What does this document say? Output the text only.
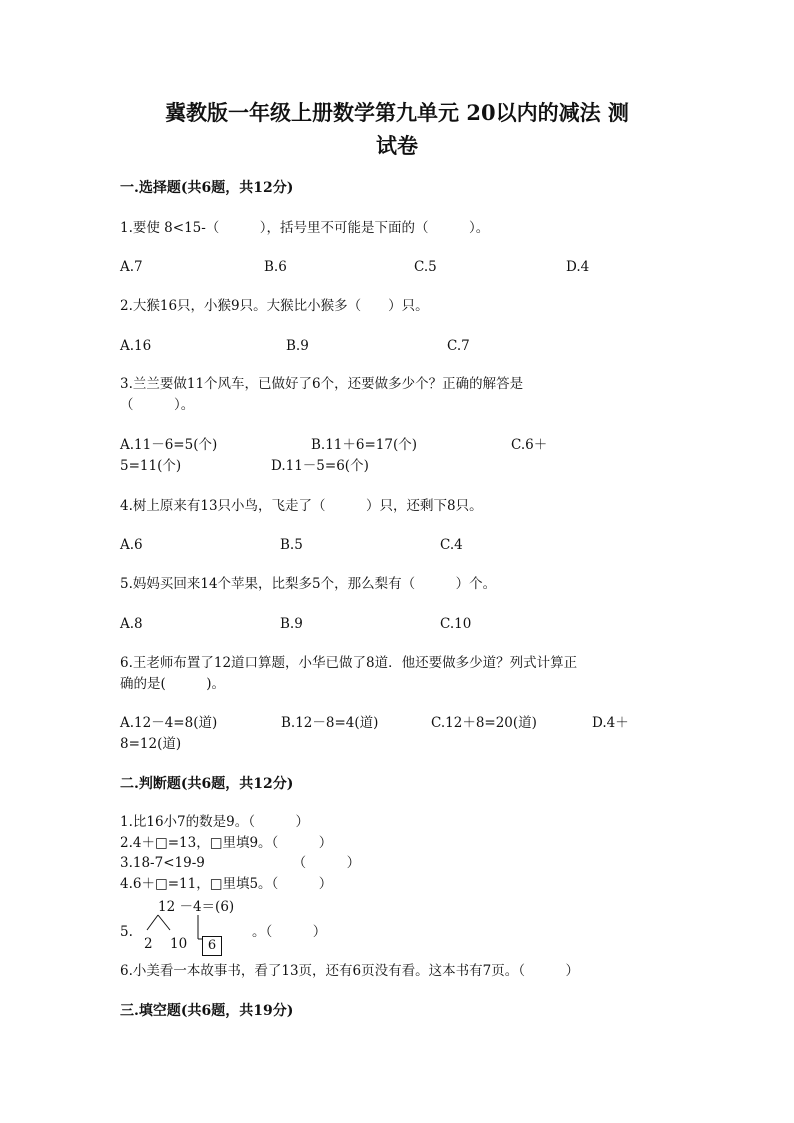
冀教版一年级上册数学第九单元 20以内的减法 测
试卷
一.选择题(共6题，共12分)
1.要使 8<15-（　　　），括号里不可能是下面的（　　　）。
A.7	B.6	C.5	D.4
2.大猴16只，小猴9只。大猴比小猴多（　　）只。
A.16	B.9	C.7
3.兰兰要做11个风车，已做好了6个，还要做多少个？正确的解答是
（　　　）。
A.11－6=5(个)	B.11＋6=17(个)	C.6＋
5=11(个)	D.11－5=6(个)
4.树上原来有13只小鸟，飞走了（　　　）只，还剩下8只。
A.6	B.5	C.4
5.妈妈买回来14个苹果，比梨多5个，那么梨有（　　　）个。
A.8	B.9	C.10
6.王老师布置了12道口算题，小华已做了8道．他还要做多少道？列式计算正
确的是(　　　)。
A.12－4=8(道)	B.12－8=4(道)	C.12＋8=20(道)	D.4＋
8=12(道)
二.判断题(共6题，共12分)
1.比16小7的数是9。（　　　）
2.4＋□=13，□里填9。（　　　）
3.18-7<19-9　　　　　　　（　　　）
4.6＋□=11，□里填5。（　　　）
5.
12 －4＝(6)
2 10	6
。（　　　）
6.小美看一本故事书，看了13页，还有6页没有看。这本书有7页。（　　　）
三.填空题(共6题，共19分)
